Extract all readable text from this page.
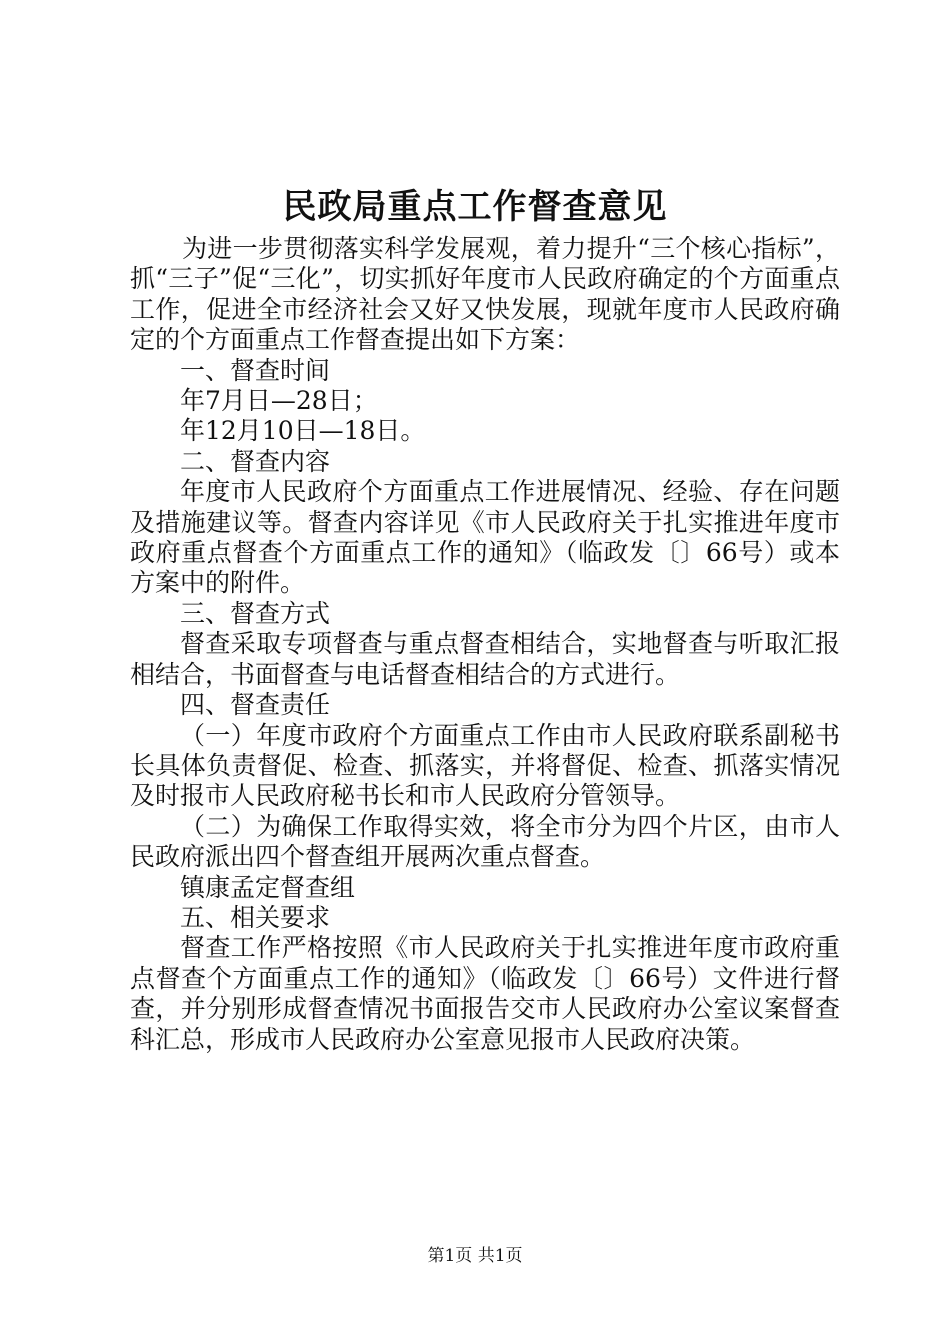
民政局重点工作督查意见

为进一步贯彻落实科学发展观，着力提升“三个核心指标”，抓“三子”促“三化”，切实抓好年度市人民政府确定的个方面重点工作，促进全市经济社会又好又快发展，现就年度市人民政府确定的个方面重点工作督查提出如下方案：

一、督查时间

年7月日—28日；

年12月10日—18日。

二、督查内容

年度市人民政府个方面重点工作进展情况、经验、存在问题及措施建议等。督查内容详见《市人民政府关于扎实推进年度市政府重点督查个方面重点工作的通知》（临政发〔〕66号）或本方案中的附件。

三、督查方式

督查采取专项督查与重点督查相结合，实地督查与听取汇报相结合，书面督查与电话督查相结合的方式进行。

四、督查责任

（一）年度市政府个方面重点工作由市人民政府联系副秘书长具体负责督促、检查、抓落实，并将督促、检查、抓落实情况及时报市人民政府秘书长和市人民政府分管领导。

（二）为确保工作取得实效，将全市分为四个片区，由市人民政府派出四个督查组开展两次重点督查。

镇康孟定督查组

五、相关要求

督查工作严格按照《市人民政府关于扎实推进年度市政府重点督查个方面重点工作的通知》（临政发〔〕66号）文件进行督查，并分别形成督查情况书面报告交市人民政府办公室议案督查科汇总，形成市人民政府办公室意见报市人民政府决策。

第1页 共1页
